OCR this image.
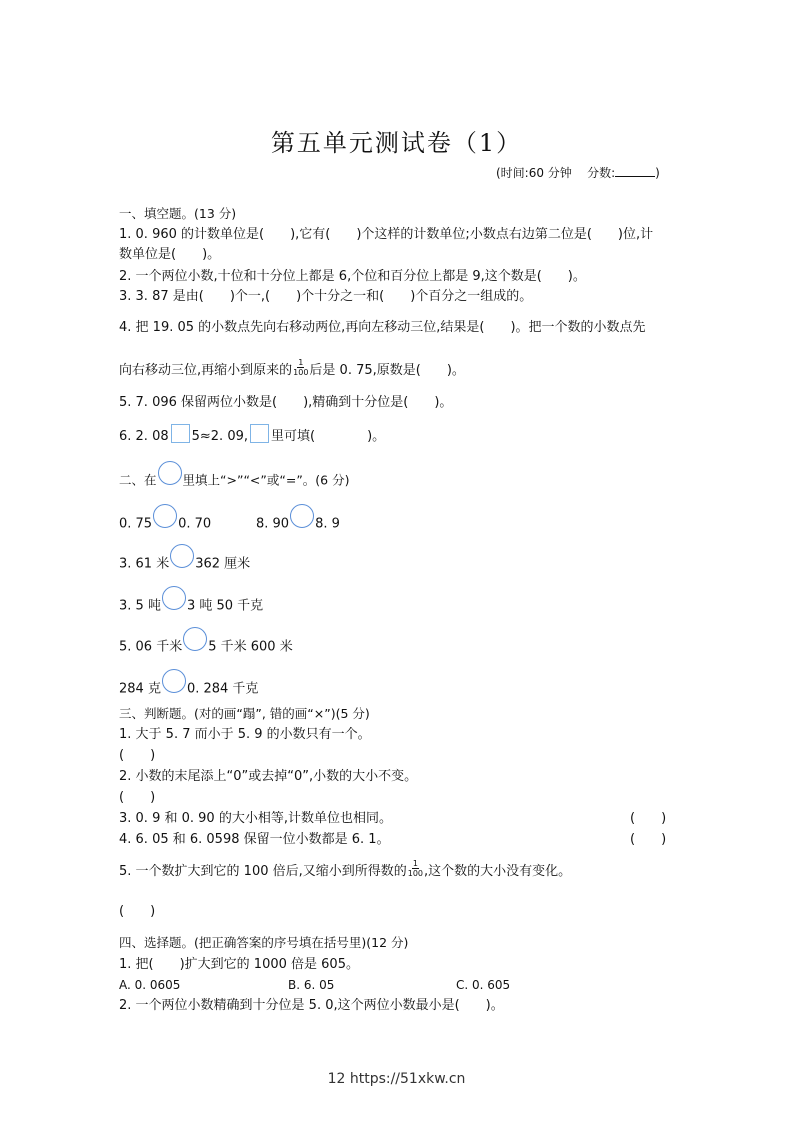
第五单元测试卷（1）
(时间:60 分钟 分数:	)
一、填空题。(13 分)
1. 0. 960 的计数单位是(　　),它有(　　)个这样的计数单位;小数点右边第二位是(　　)位,计
数单位是(　　)。
2. 一个两位小数,十位和十分位上都是 6,个位和百分位上都是 9,这个数是(　　)。
3. 3. 87 是由(　　)个一,(　　)个十分之一和(　　)个百分之一组成的。
4. 把 19. 05 的小数点先向右移动两位,再向左移动三位,结果是(　　)。把一个数的小数点先
向右移动三位,再缩小到原来的 $\frac{1}{100}$ 后是 0. 75,原数是(　　)。
5. 7. 096 保留两位小数是(　　),精确到十分位是(　　)。
6. 2. 08 5≈2. 09, 里可填(　　　　)。
二、在 里填上“>”“<”或“=”。(6 分)
0. 75 0. 70	8. 90 8. 9
3. 61 米 362 厘米
3. 5 吨 3 吨 50 千克
5. 06 千米 5 千米 600 米
284 克 0. 284 千克
三、判断题。(对的画“蹋”, 错的画“×”)(5 分)
1. 大于 5. 7 而小于 5. 9 的小数只有一个。
(　　)
2. 小数的末尾添上“0”或去掉“0”,小数的大小不变。
(　　)
3. 0. 9 和 0. 90 的大小相等,计数单位也相同。	(　　)
4. 6. 05 和 6. 0598 保留一位小数都是 6. 1。	(　　)
5. 一个数扩大到它的 100 倍后,又缩小到所得数的 $\frac{1}{100}$ ,这个数的大小没有变化。
(　　)
四、选择题。(把正确答案的序号填在括号里)(12 分)
1. 把(　　)扩大到它的 1000 倍是 605。
A. 0. 0605	B. 6. 05	C. 0. 605
2. 一个两位小数精确到十分位是 5. 0,这个两位小数最小是(　　)。
12 https://51xkw.cn
